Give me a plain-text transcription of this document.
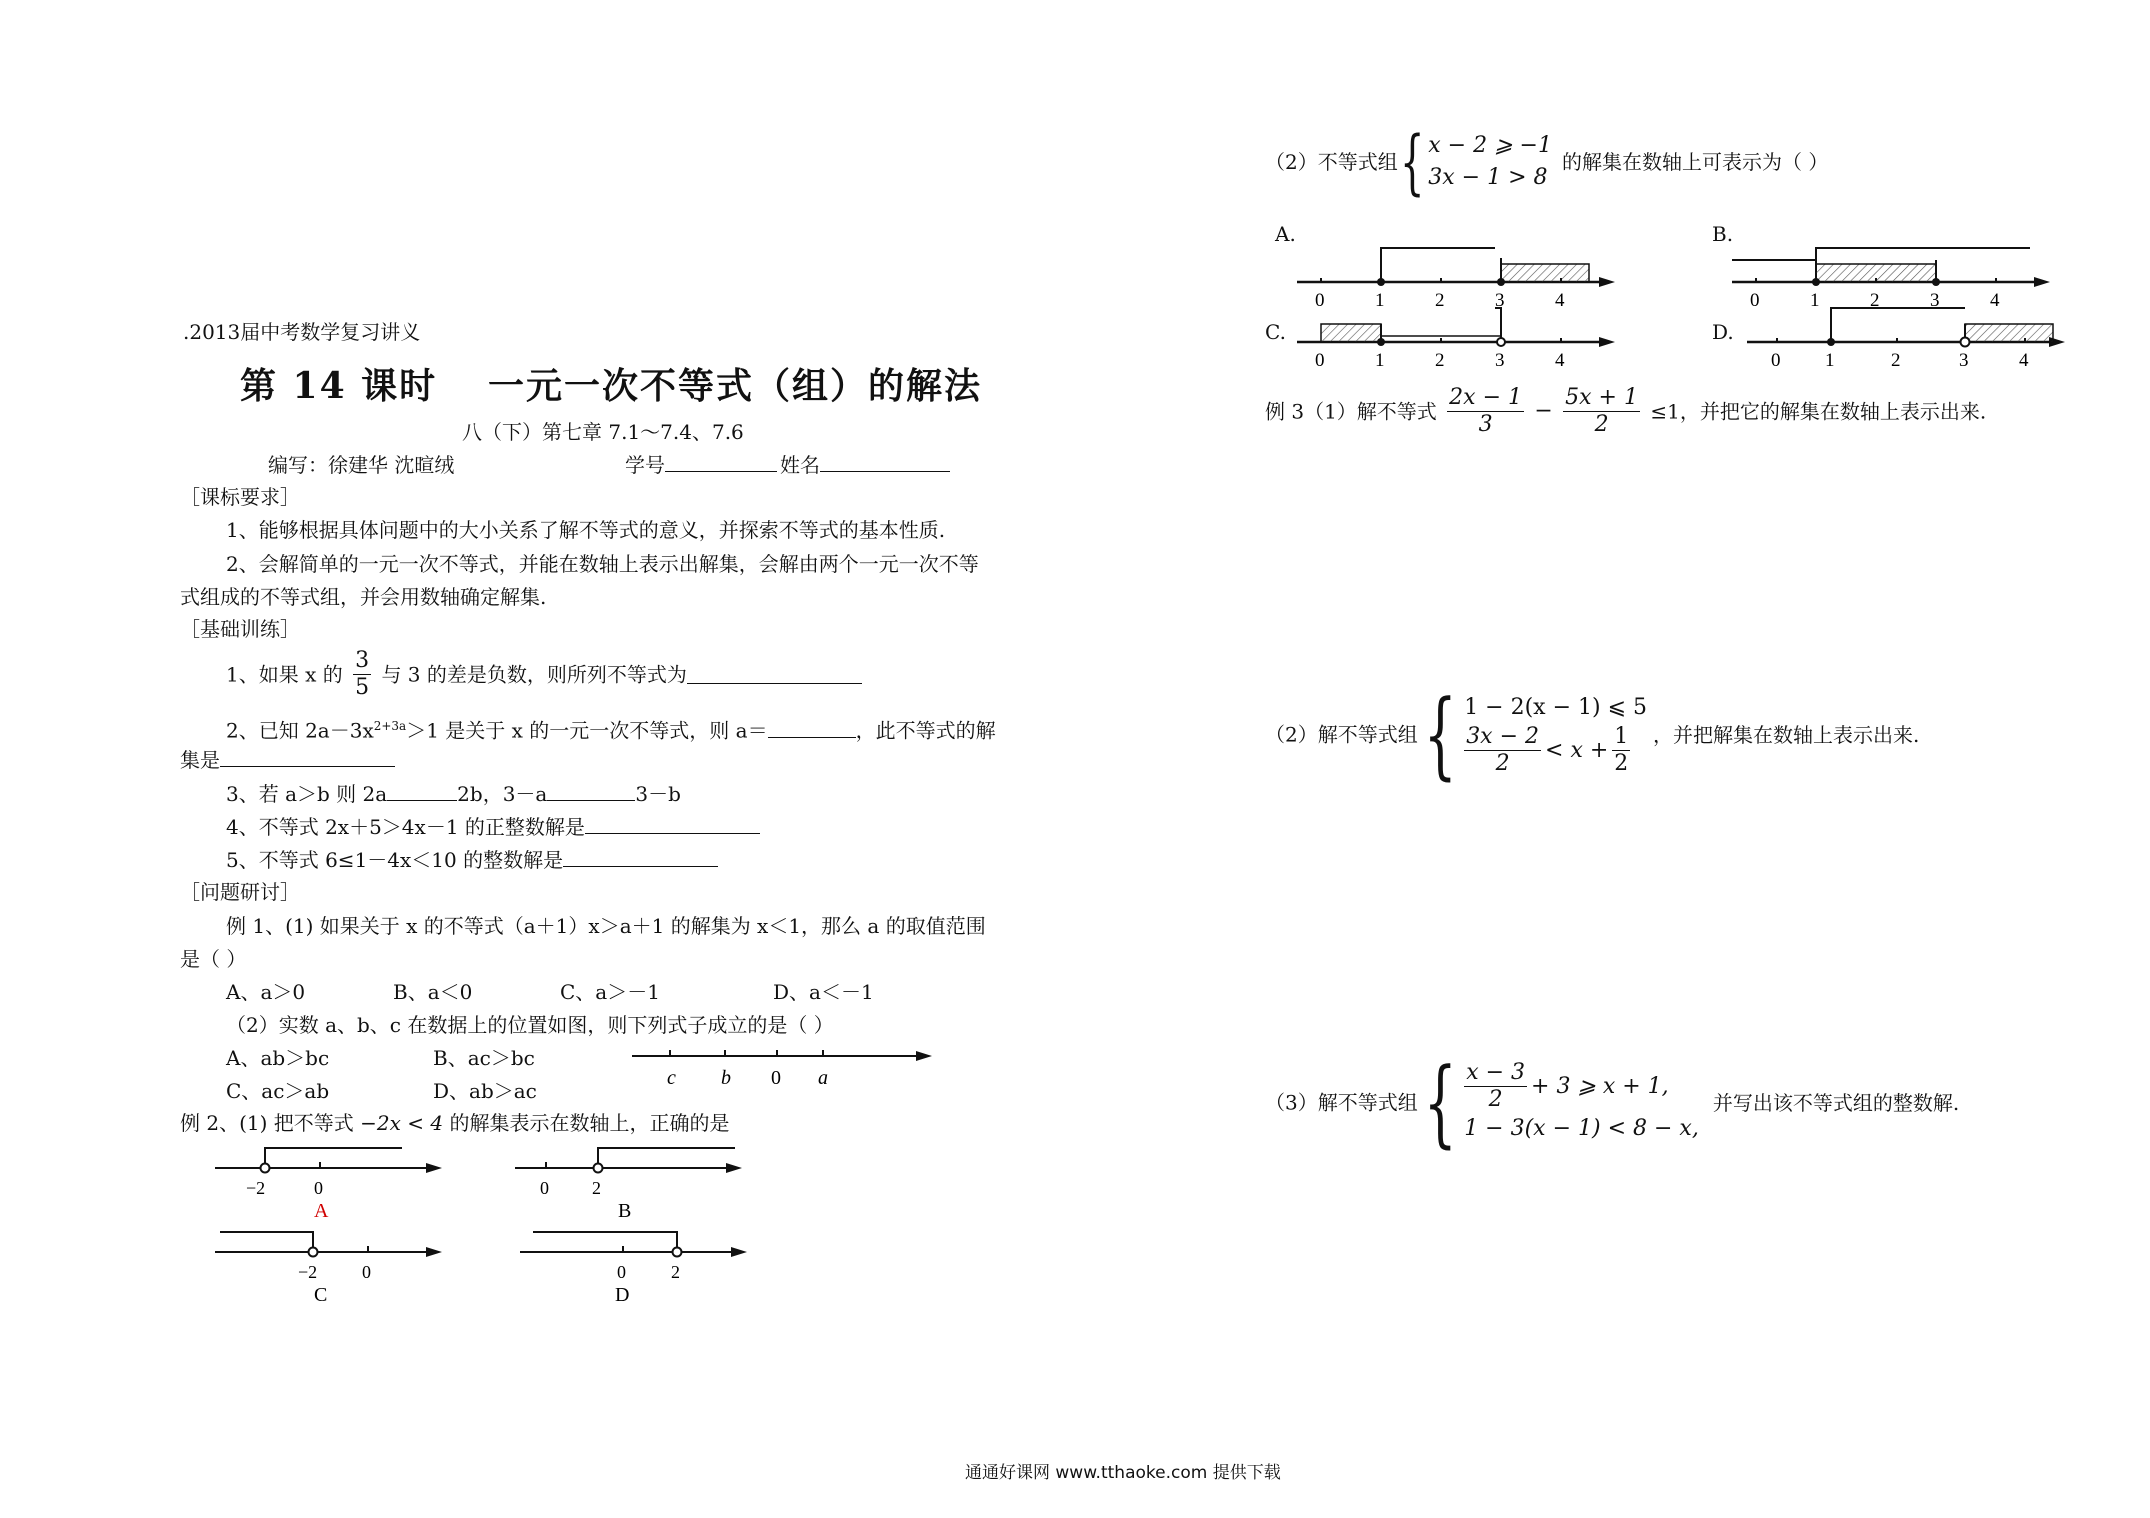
.2013届中考数学复习讲义
第 14 课时 一元一次不等式（组）的解法
八（下）第七章 7.1～7.4、7.6
编写：徐建华 沈暄绒	学号	姓名
［课标要求］
1、能够根据具体问题中的大小关系了解不等式的意义，并探索不等式的基本性质.
2、会解简单的一元一次不等式，并能在数轴上表示出解集，会解由两个一元一次不等
式组成的不等式组，并会用数轴确定解集.
［基础训练］
1、如果 x 的 $\frac{3}{5}$ 与 3 的差是负数，则所列不等式为
2、已知 $2a-3x^{2+3a}>1$ 是关于 x 的一元一次不等式，则 a＝	，此不等式的解
集是
3、若 a＞b 则 2a	2b，3－a	3－b
4、不等式 2x＋5＞4x－1 的正整数解是
5、不等式 6≤1－4x＜10 的整数解是
［问题研讨］
例 1、(1) 如果关于 x 的不等式（a＋1）x＞a＋1 的解集为 x＜1，那么 a 的取值范围
是（ ）
A、a＞0	B、a＜0	C、a＞－1	D、a＜－1
（2）实数 a、b、c 在数据上的位置如图，则下列式子成立的是（ ）
A、ab＞bc	B、ac＞bc
C、ac＞ab	D、ab＞ac
c b 0 a
例 2、(1) 把不等式 −2x < 4 的解集表示在数轴上，正确的是
−2	0
A
0 2
B
−2 0
C
0	2
D
（2）不等式组{ x − 2 ⩾ −1
3x − 1 > 8
的解集在数轴上可表示为（ ）
A.	B.
C.	D.
0	1	2	3	4	0	1	2	3	4
0	1	2	3	4	0 1	2	3	4
例 3（1）解不等式 $\frac{2x - 1}{3} - \frac{5x + 1}{2} \le 1$，并把它的解集在数轴上表示出来.
（2）解不等式组{ 1 − 2(x − 1) ⩽ 5
$\frac{3x - 2}{2} < x + \frac{1}{2}$ ，并把解集在数轴上表示出来.
（3）解不等式组{ $\frac{x - 3}{2} + 3$ ⩾ x + 1,
1 − 3(x − 1) < 8 − x,
并写出该不等式组的整数解.
通通好课网 www.tthaoke.com 提供下载
